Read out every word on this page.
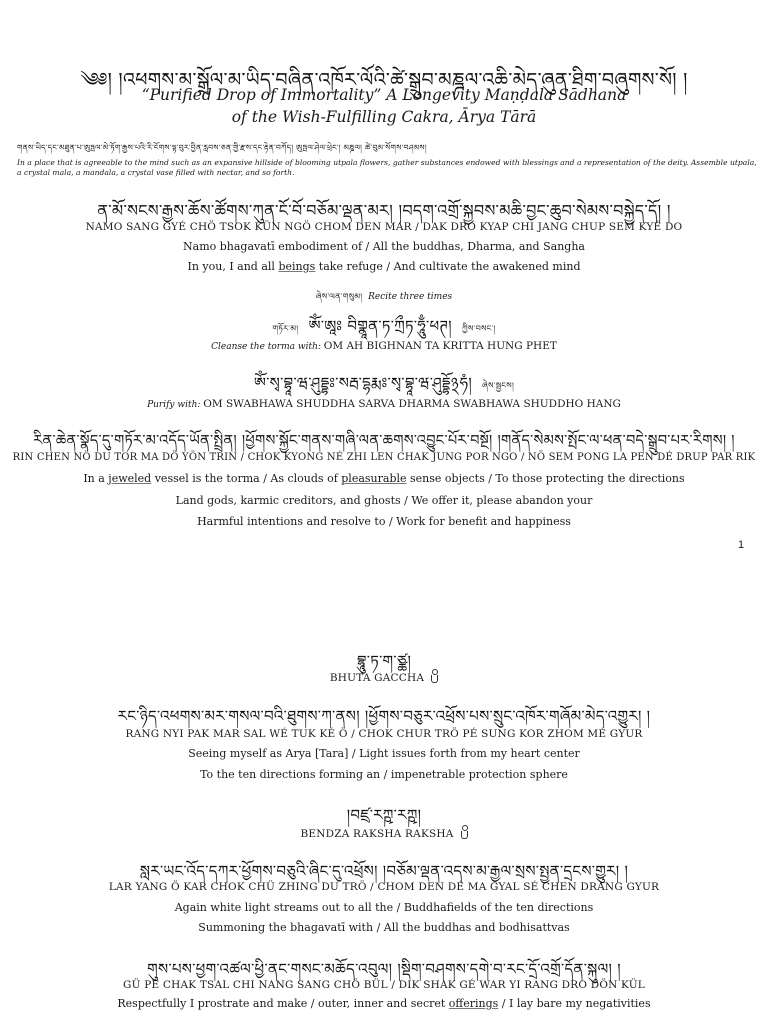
༄༅། །འཕགས་མ་སྒྲོལ་མ་ཡིད་བཞིན་འཁོར་ལོའི་ཚེ་སྒྲུབ་མཎྜལ་འཆི་མེད་ཞུན་ཐིག་བཞུགས་སོ། །
“Purified Drop of Immortality” A Longevity Maṇḍala Sādhana
of the Wish-Fulfilling Cakra, Ārya Tārā
གནས་ཡིད་དང་མཐུན་པ་ཨུཏྤལ་མེ་ཏོག་རྒྱས་པའི་རི་ངོགས་ལྟ་བུར་བྱིན་རླབས་ཅན་གྱི་རྫས་དང་རྟེན་བཀོད། ཨུཏྤལ་ཤེལ་ཕྲེང་། མཎྜལ། ཚེ་བུམ་སོགས་བཤམས།
In a place that is agreeable to the mind such as an expansive hillside of blooming utpala flowers, gather substances endowed with blessings and a representation of the deity. Assemble utpala, a crystal mala, a mandala, a crystal vase filled with nectar, and so forth.
ན་མོ་སངས་རྒྱས་ཆོས་ཚོགས་ཀུན་ངོ་བོ་བཅོམ་ལྡན་མར། །བདག་འགྲོ་སྐྱབས་མཆི་བྱང་ཆུབ་སེམས་བསྐྱེད་དོ། །
NAMO SANG GYÉ CHÖ TSOK KÜN NGÖ CHOM DEN MAR / DAK DRO KYAP CHI JANG CHUP SEM KYÉ DO
Namo bhagavatī embodiment of / All the buddhas, Dharma, and Sangha
In you, I and all beings take refuge / And cultivate the awakened mind
ཞེས་ལན་གསུམ། Recite three times
གཏོར་མ། ཨོཾ་ཨཱཿ བིགྣཱན་ཏ་ཀྲྀཏ་ཧཱུྃ་ཕཊ། ཀྱིས་བསང་།
Cleanse the torma with: OM AH BIGHNAN TA KRITTA HUNG PHET
ཨོཾ་སྭ་བྷཱ་ཝ་ཤུདྡྷཿ་སརྦ་དྷརྨཿ་སྭ་བྷཱ་ཝ་ཤུདྡྷོ྅ཧཾ། ཞེས་སྦྱངས།
Purify with: OM SWABHAWA SHUDDHA SARVA DHARMA SWABHAWA SHUDDHO HANG
རིན་ཆེན་སྣོད་དུ་གཏོར་མ་འདོད་ཡོན་སྤྲིན། །ཕྱོགས་སྐྱོང་གནས་གཞི་ལན་ཆགས་འབྱུང་པོར་བསྔོ། །གནོད་སེམས་སྤོང་ལ་ཕན་བདེ་སྒྲུབ་པར་རིགས། །
RIN CHEN NÖ DU TOR MA DÖ YÖN TRIN / CHOK KYONG NÉ ZHI LEN CHAK JUNG POR NGO / NÖ SEM PONG LA PEN DÉ DRUP PAR RIK
In a jeweled vessel is the torma / As clouds of pleasurable sense objects / To those protecting the directions
Land gods, karmic creditors, and ghosts / We offer it, please abandon your
Harmful intentions and resolve to / Work for benefit and happiness
1
བྷཱུ་ཏ་ག་ཙྪ།
BHUTA GACCHA
རང་ཉིད་འཕགས་མར་གསལ་བའི་ཐུགས་ཀ་ནས། །ཕྱོགས་བཅུར་འཕྲོས་པས་སྲུང་འཁོར་གཞོམ་མེད་འགྱུར། །
RANG NYI PAK MAR SAL WÉ TUK KÉ Ö / CHOK CHUR TRÖ PÉ SUNG KOR ZHOM MÉ GYUR
Seeing myself as Arya [Tara] / Light issues forth from my heart center
To the ten directions forming an / impenetrable protection sphere
།བཛྲ་རཀྵ་རཀྵ།
BENDZA RAKSHA RAKSHA
སླར་ཡང་འོད་དཀར་ཕྱོགས་བཅུའི་ཞིང་དུ་འཕྲོས། །བཅོམ་ལྡན་འདས་མ་རྒྱལ་སྲས་སྤྱན་དྲངས་གྱུར། །
LAR YANG Ö KAR CHOK CHÜ ZHING DU TRÖ / CHOM DEN DÉ MA GYAL SÉ CHEN DRANG GYUR
Again white light streams out to all the / Buddhafields of the ten directions
Summoning the bhagavatī with / All the buddhas and bodhisattvas
གུས་པས་ཕྱག་འཚལ་ཕྱི་ནང་གསང་མཆོད་འབུལ། །སྡིག་བཤགས་དགེ་བ་རང་དྲོ་འགྲོ་དོན་སྐུལ། །
GÜ PÉ CHAK TSAL CHI NANG SANG CHÖ BÜL / DIK SHAK GÉ WAR YI RANG DRO DÖN KÜL
Respectfully I prostrate and make / outer, inner and secret offerings / I lay bare my negativities
